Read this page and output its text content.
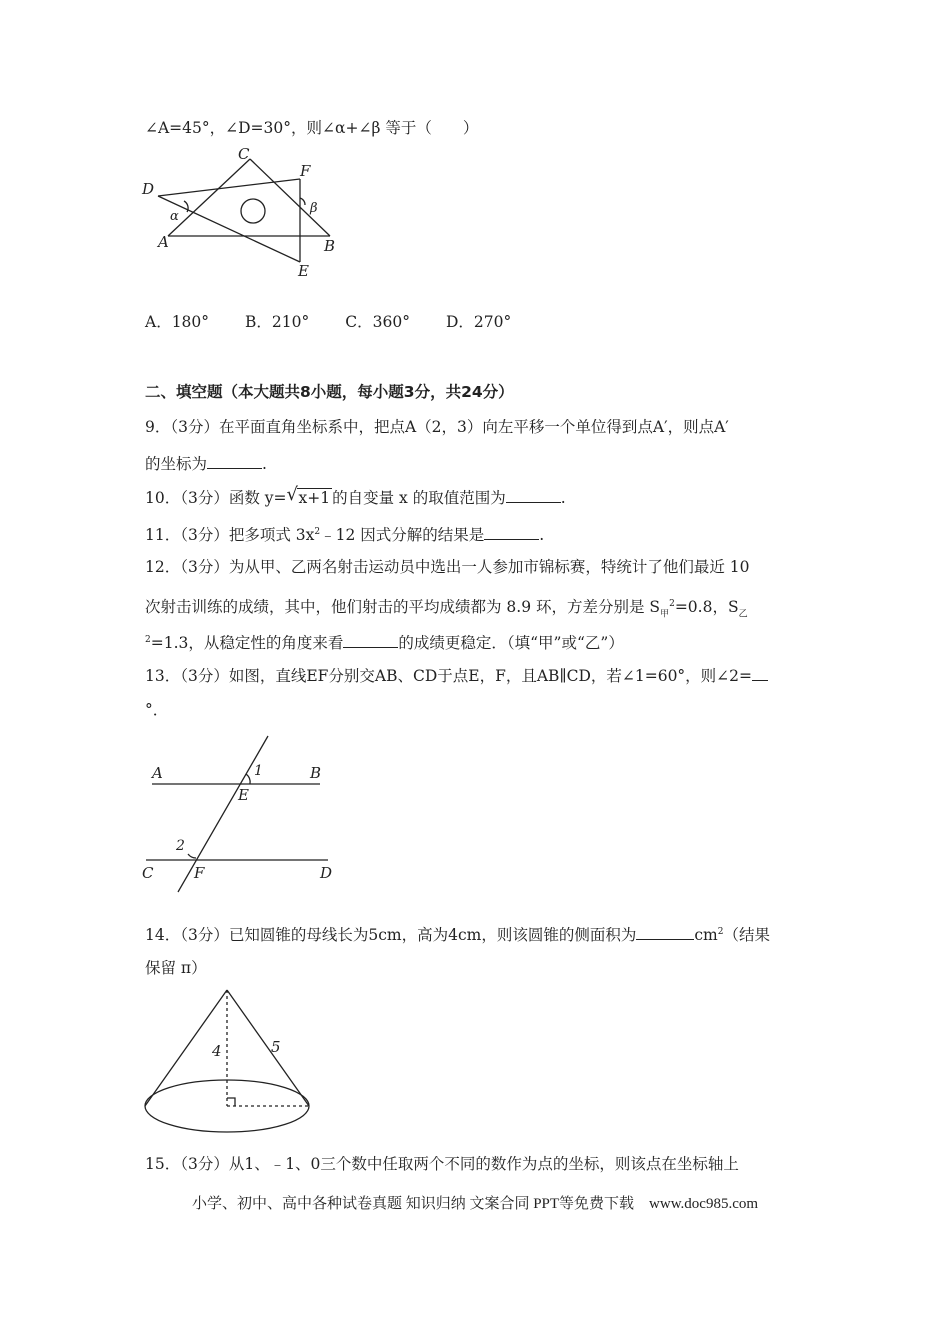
∠A=45°，∠D=30°，则∠α+∠β 等于（　　）
C
F
D
α
β
A	B
E
A．180° B．210° C．360° D．270°
二、填空题（本大题共8小题，每小题3分，共24分）
9．（3分）在平面直角坐标系中，把点A（2，3）向左平移一个单位得到点A′，则点A′
的坐标为	.
10．（3分）函数 y= √ x+1 的自变量 x 的取值范围为	.
11．（3分）把多项式 $3x^2﹣12$ 因式分解的结果是	.
12．（3分）为从甲、乙两名射击运动员中选出一人参加市锦标赛，特统计了他们最近 10
次射击训练的成绩，其中，他们射击的平均成绩都为 8.9 环，方差分别是 $S_甲^2=0.8$，$S_乙$
$^2$=1.3，从稳定性的角度来看	的成绩更稳定．（填“甲”或“乙”）
13．（3分）如图，直线EF分别交AB、CD于点E，F，且AB∥CD，若∠1=60°，则∠2=
°．
A	B
1
E
2
C	F	D
14．（3分）已知圆锥的母线长为5cm，高为4cm，则该圆锥的侧面积为	$cm^2$（结果
保留 π）
4	5
15．（3分）从1、﹣1、0三个数中任取两个不同的数作为点的坐标，则该点在坐标轴上
小学、初中、高中各种试卷真题 知识归纳 文案合同 PPT等免费下载　www.doc985.com
